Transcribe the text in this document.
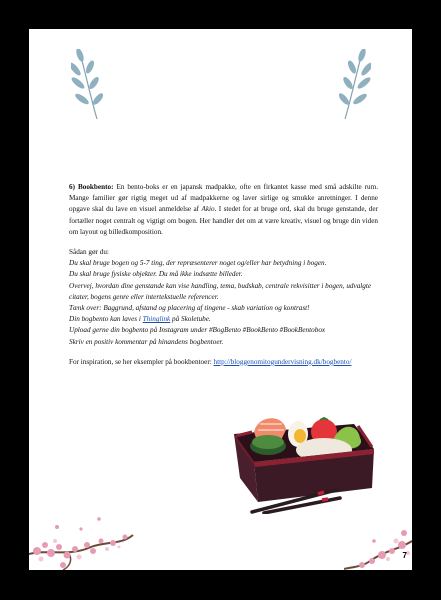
6) Bookbento: En bento-boks er en japansk madpakke, ofte en firkantet kasse med små adskilte rum. Mange familier gør rigtig meget ud af madpakkerne og laver sirlige og smukke anretninger. I denne opgave skal du lave en visuel anmeldelse af Akio. I stedet for at bruge ord, skal du bruge genstande, der fortæller noget centralt og vigtigt om bogen. Her handler det om at være kreativ, visuel og bruge din viden om layout og billedkomposition.

Sådan gør du:

Du skal bruge bogen og 5-7 ting, der repræsenterer noget og/eller har betydning i bogen.
Du skal bruge fysiske objekter. Du må ikke indsætte billeder.
Overvej, hvordan dine genstande kan vise handling, tema, budskab, centrale rekvisitter i bogen, udvalgte citater, bogens genre eller intertekstuelle referencer.
Tænk over: Baggrund, afstand og placering af tingene - skab variation og kontrast!
Din bogbento kan laves i Thinglink på Skoletube.
Upload gerne din bogbento på Instagram under #BogBento #BookBento #BookBentobox
Skriv en positiv kommentar på hinandens bogbentoer.

For inspiration, se her eksempler på bookbentoer: http://bloggenomitogundervisning.dk/bogbento/

7
